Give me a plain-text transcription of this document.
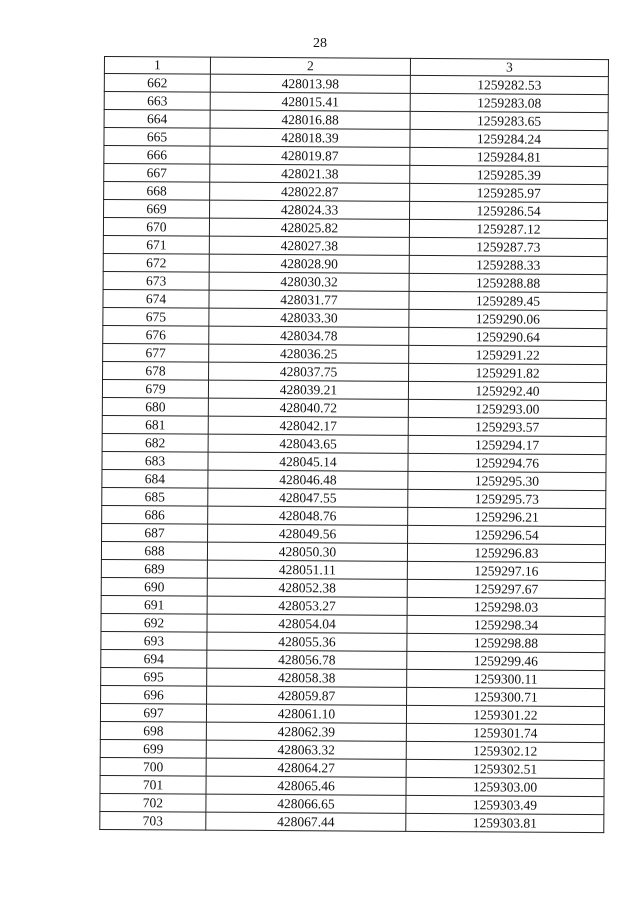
28
1	2	3
662	428013.98	1259282.53
663	428015.41	1259283.08
664	428016.88	1259283.65
665	428018.39	1259284.24
666	428019.87	1259284.81
667	428021.38	1259285.39
668	428022.87	1259285.97
669	428024.33	1259286.54
670	428025.82	1259287.12
671	428027.38	1259287.73
672	428028.90	1259288.33
673	428030.32	1259288.88
674	428031.77	1259289.45
675	428033.30	1259290.06
676	428034.78	1259290.64
677	428036.25	1259291.22
678	428037.75	1259291.82
679	428039.21	1259292.40
680	428040.72	1259293.00
681	428042.17	1259293.57
682	428043.65	1259294.17
683	428045.14	1259294.76
684	428046.48	1259295.30
685	428047.55	1259295.73
686	428048.76	1259296.21
687	428049.56	1259296.54
688	428050.30	1259296.83
689	428051.11	1259297.16
690	428052.38	1259297.67
691	428053.27	1259298.03
692	428054.04	1259298.34
693	428055.36	1259298.88
694	428056.78	1259299.46
695	428058.38	1259300.11
696	428059.87	1259300.71
697	428061.10	1259301.22
698	428062.39	1259301.74
699	428063.32	1259302.12
700	428064.27	1259302.51
701	428065.46	1259303.00
702	428066.65	1259303.49
703	428067.44	1259303.81
